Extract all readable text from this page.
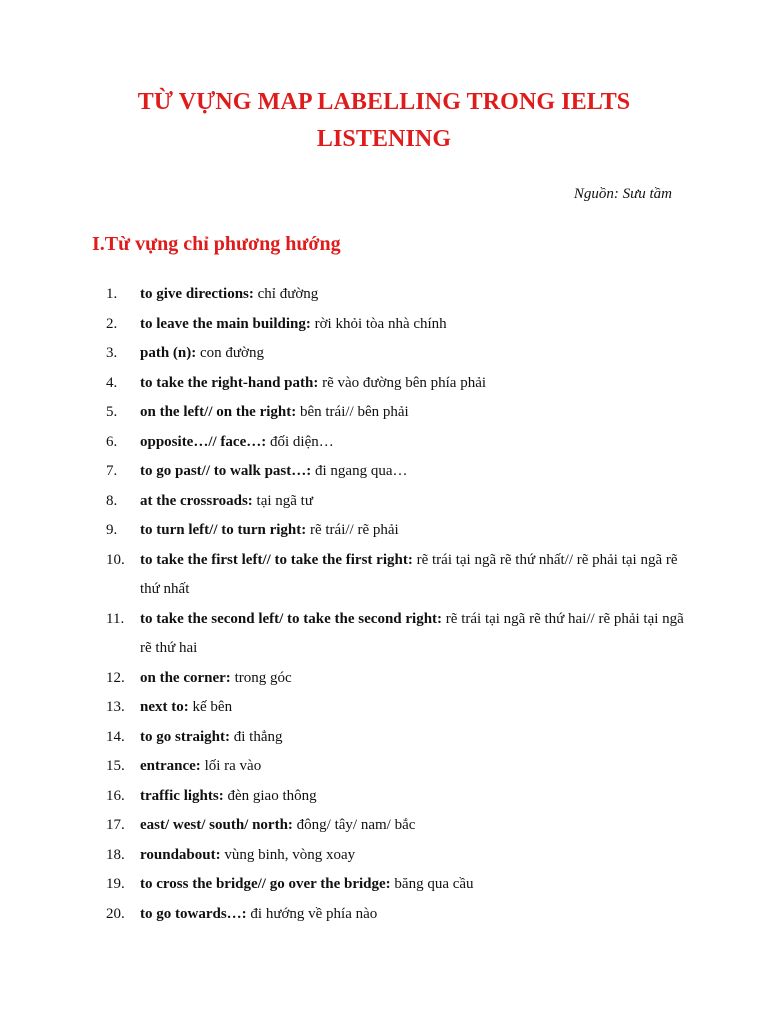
TỪ VỰNG MAP LABELLING TRONG IELTS
LISTENING
Nguồn: Sưu tầm
I.Từ vựng chỉ phương hướng
1.	to give directions: chỉ đường
2.	to leave the main building: rời khỏi tòa nhà chính
3.	path (n): con đường
4.	to take the right-hand path: rẽ vào đường bên phía phải
5.	on the left// on the right: bên trái// bên phải
6.	opposite…// face…: đối diện…
7.	to go past// to walk past…: đi ngang qua…
8.	at the crossroads: tại ngã tư
9.	to turn left// to turn right: rẽ trái// rẽ phải
10.	to take the first left// to take the first right: rẽ trái tại ngã rẽ thứ nhất// rẽ phải tại ngã rẽ thứ nhất
11.	to take the second left/ to take the second right: rẽ trái tại ngã rẽ thứ hai// rẽ phải tại ngã rẽ thứ hai
12.	on the corner: trong góc
13.	next to: kế bên
14.	to go straight: đi thẳng
15.	entrance: lối ra vào
16.	traffic lights: đèn giao thông
17.	east/ west/ south/ north: đông/ tây/ nam/ bắc
18.	roundabout: vùng binh, vòng xoay
19.	to cross the bridge// go over the bridge: băng qua cầu
20.	to go towards…: đi hướng về phía nào
